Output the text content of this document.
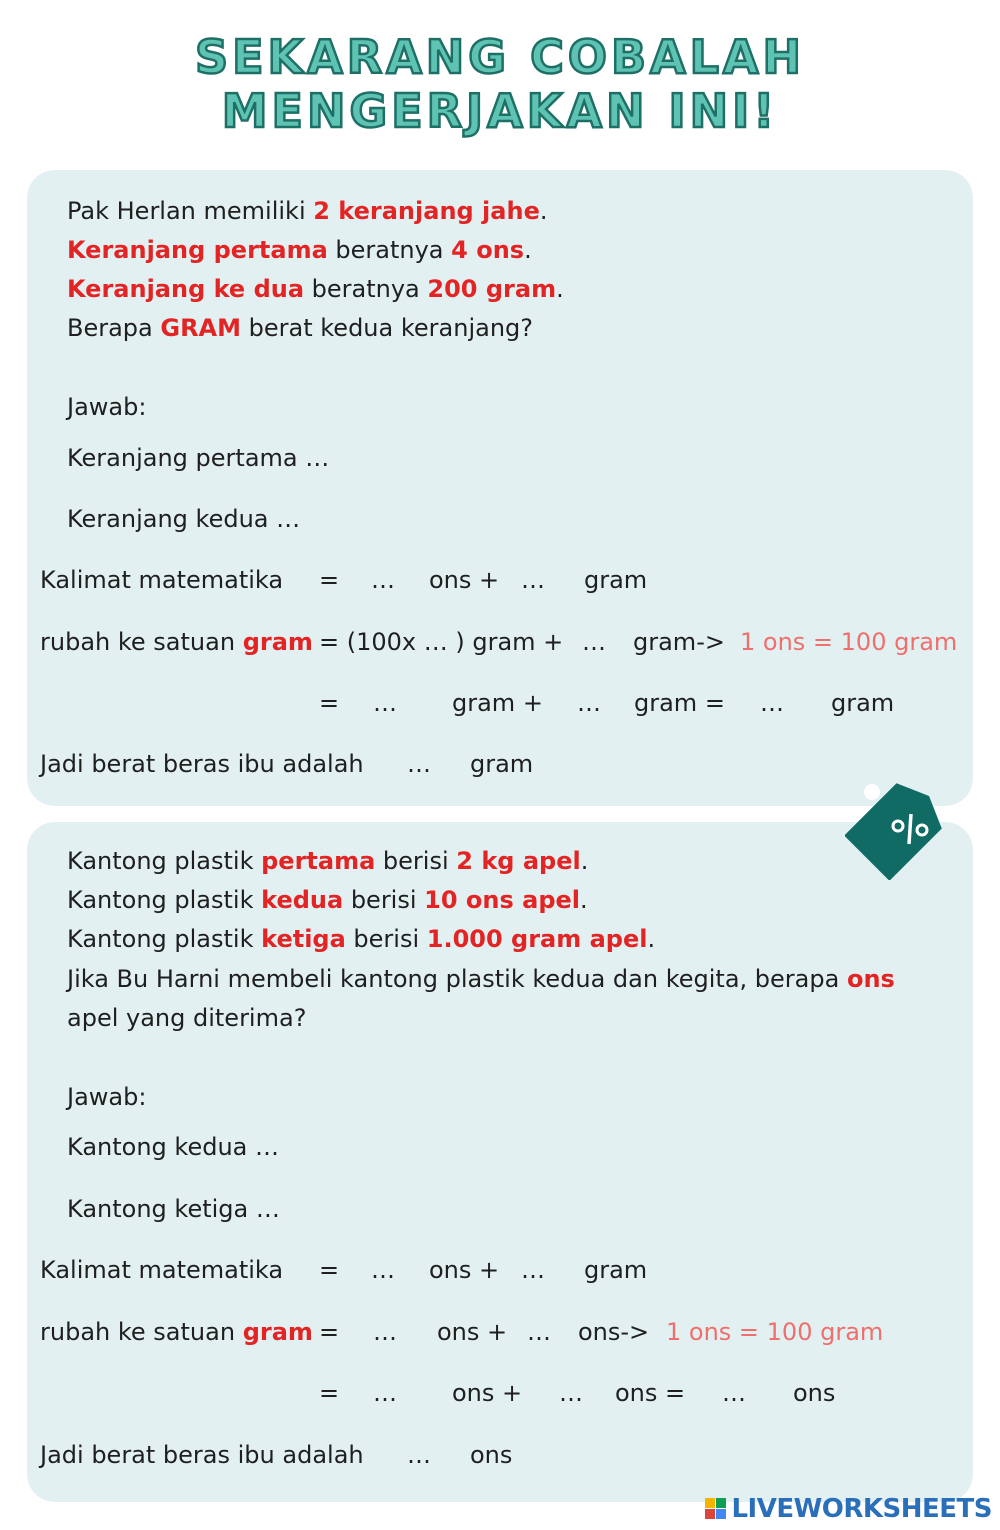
SEKARANG COBALAH
MENGERJAKAN INI!
Pak Herlan memiliki 2 keranjang jahe.
Keranjang pertama beratnya 4 ons.
Keranjang ke dua beratnya 200 gram.
Berapa GRAM berat kedua keranjang?
Jawab:
Keranjang pertama …
Keranjang kedua …
Kalimat matematika = … ons + … gram
rubah ke satuan gram = (100x … ) gram + … gram-> 1 ons = 100 gram
= … gram + … gram = … gram
Jadi berat beras ibu adalah … gram
Kantong plastik pertama berisi 2 kg apel.
Kantong plastik kedua berisi 10 ons apel.
Kantong plastik ketiga berisi 1.000 gram apel.
Jika Bu Harni membeli kantong plastik kedua dan kegita, berapa ons
apel yang diterima?
Jawab:
Kantong kedua …
Kantong ketiga …
Kalimat matematika = … ons + … gram
rubah ke satuan gram = … ons + … ons-> 1 ons = 100 gram
= … ons + … ons = … ons
Jadi berat beras ibu adalah … ons
LIVEWORKSHEETS
